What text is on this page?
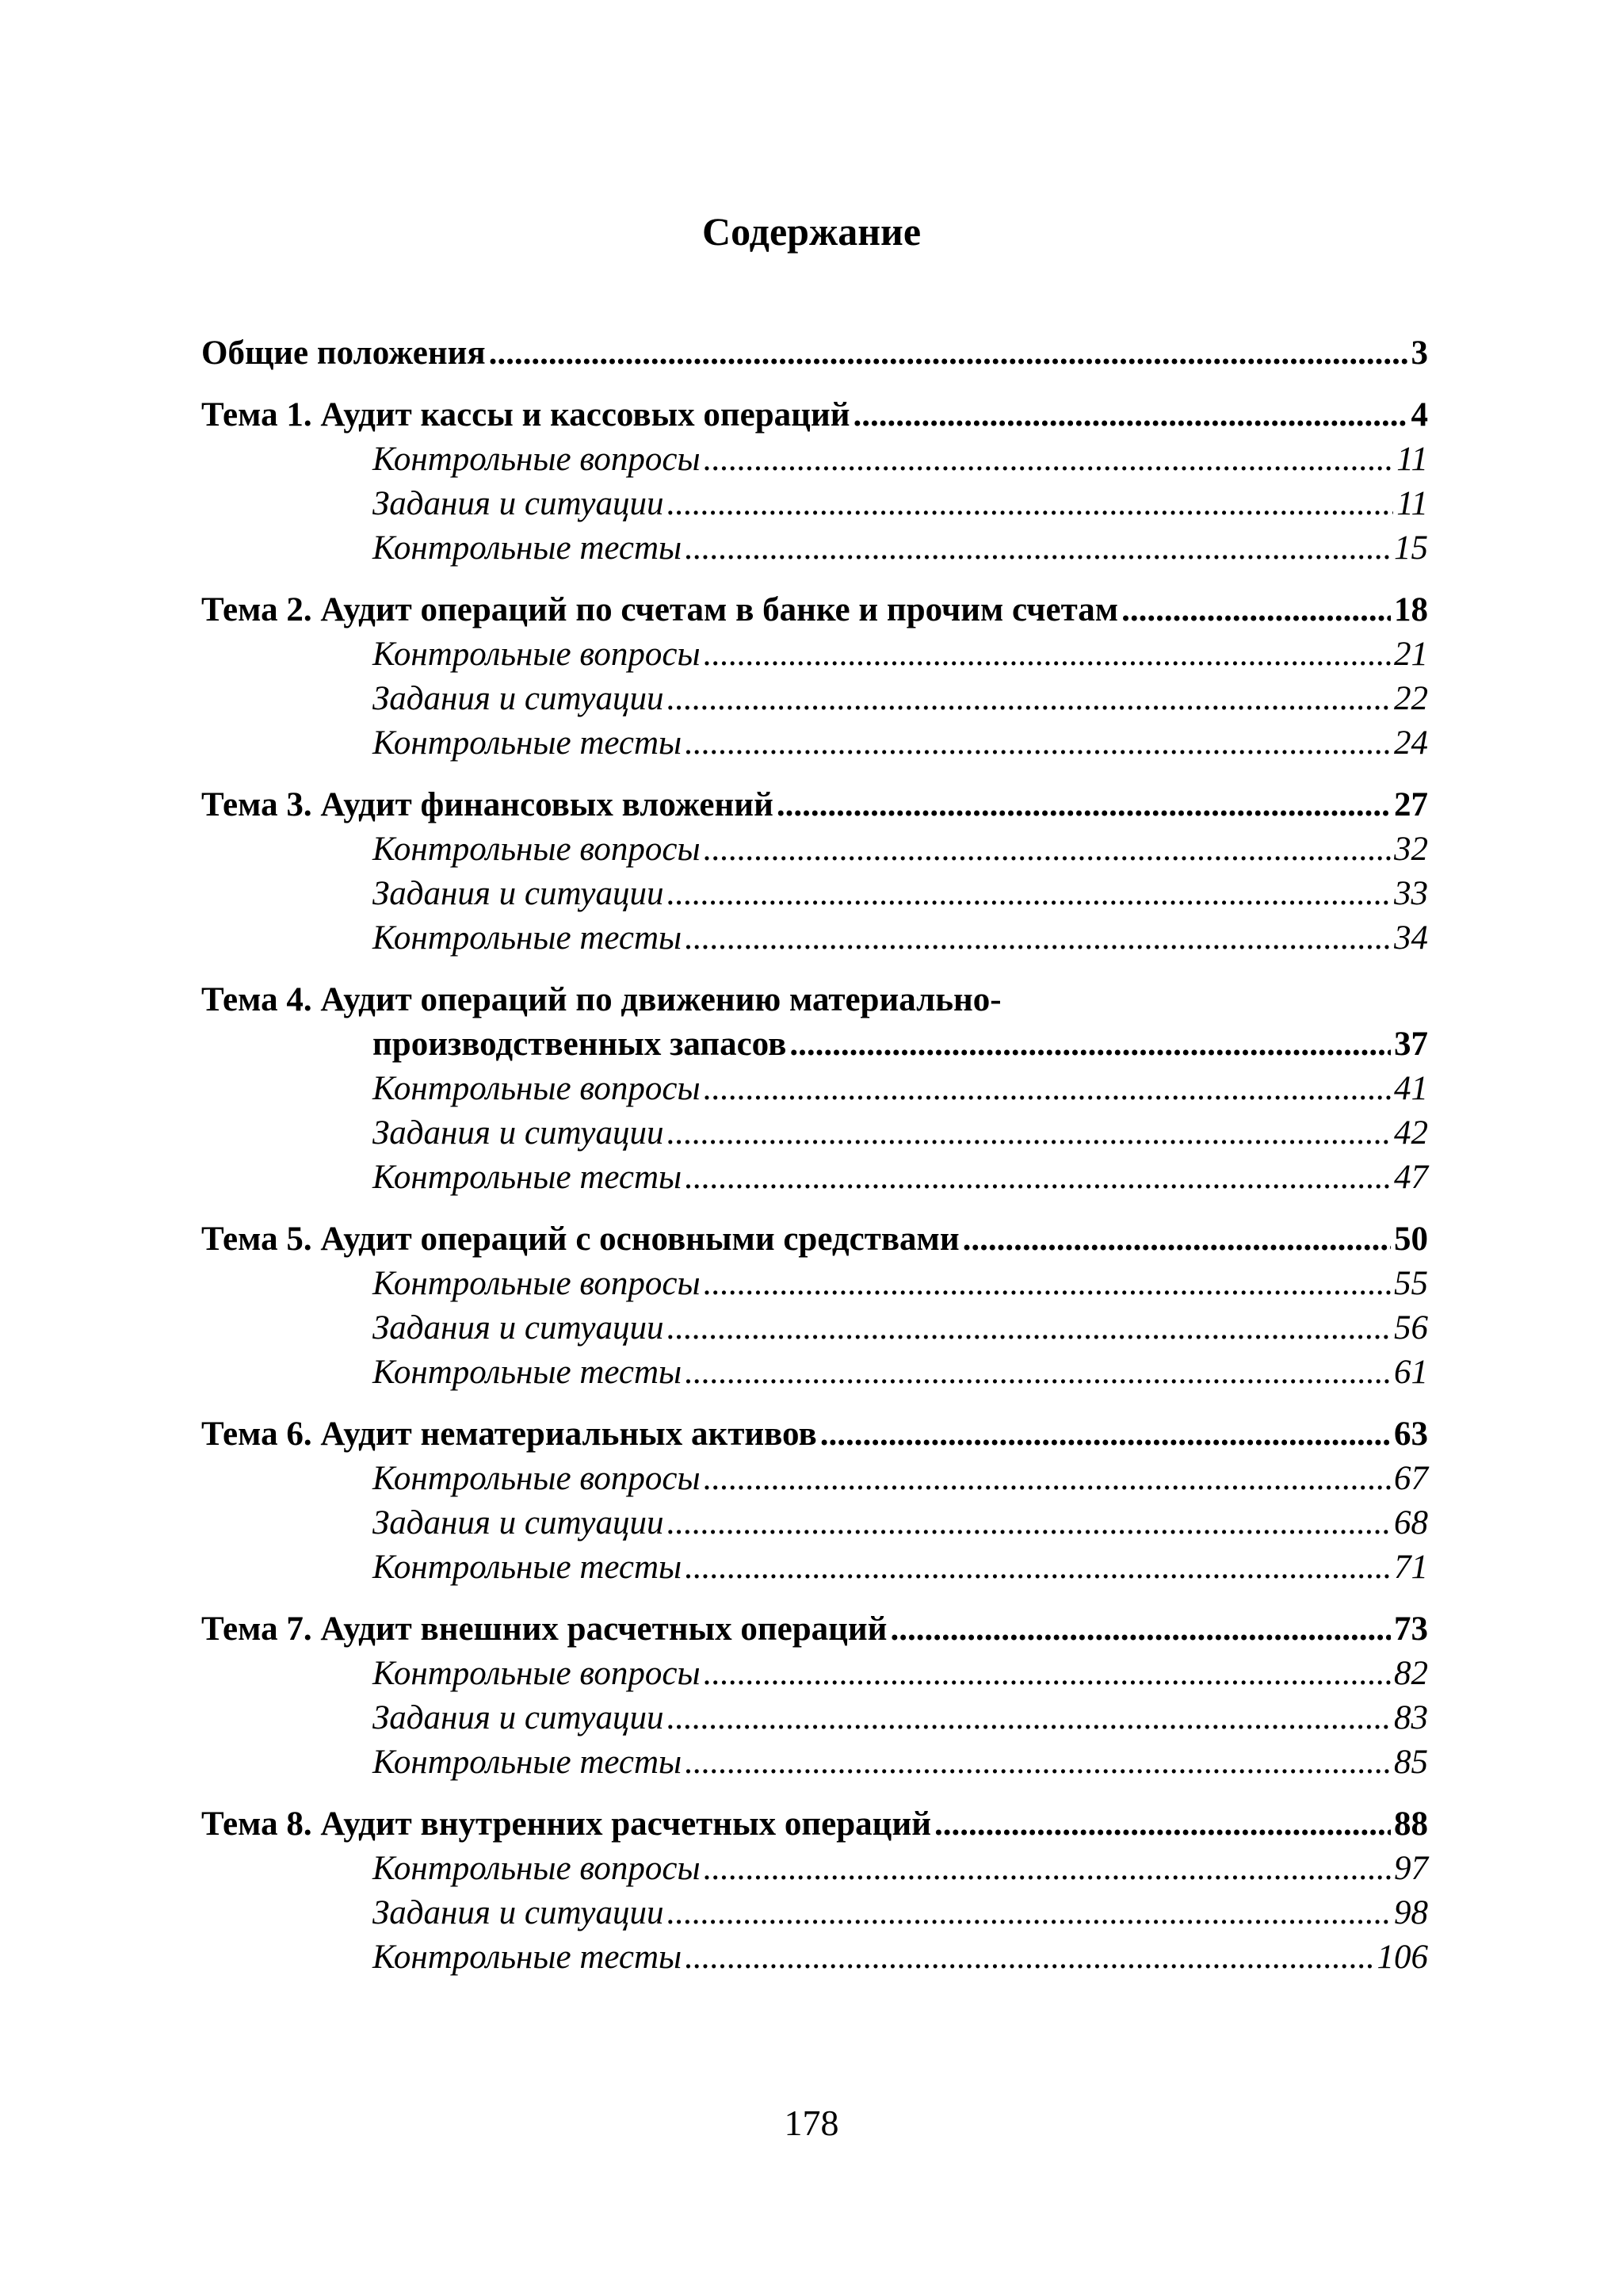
Содержание
Общие положения .....	3
Тема 1. Аудит кассы и кассовых операций .....	4
Контрольные вопросы .....	11
Задания и ситуации .....	11
Контрольные тесты .....	15
Тема 2. Аудит операций по счетам в банке и прочим счетам .....	18
Контрольные вопросы .....	21
Задания и ситуации .....	22
Контрольные тесты .....	24
Тема 3. Аудит финансовых вложений .....	27
Контрольные вопросы .....	32
Задания и ситуации .....	33
Контрольные тесты .....	34
Тема 4. Аудит операций по движению материально-
производственных запасов .....	37
Контрольные вопросы .....	41
Задания и ситуации .....	42
Контрольные тесты .....	47
Тема 5. Аудит операций с основными средствами .....	50
Контрольные вопросы .....	55
Задания и ситуации .....	56
Контрольные тесты .....	61
Тема 6. Аудит нематериальных активов .....	63
Контрольные вопросы .....	67
Задания и ситуации .....	68
Контрольные тесты .....	71
Тема 7. Аудит внешних расчетных операций .....	73
Контрольные вопросы .....	82
Задания и ситуации .....	83
Контрольные тесты .....	85
Тема 8. Аудит внутренних расчетных операций .....	88
Контрольные вопросы .....	97
Задания и ситуации .....	98
Контрольные тесты .....	106
178
